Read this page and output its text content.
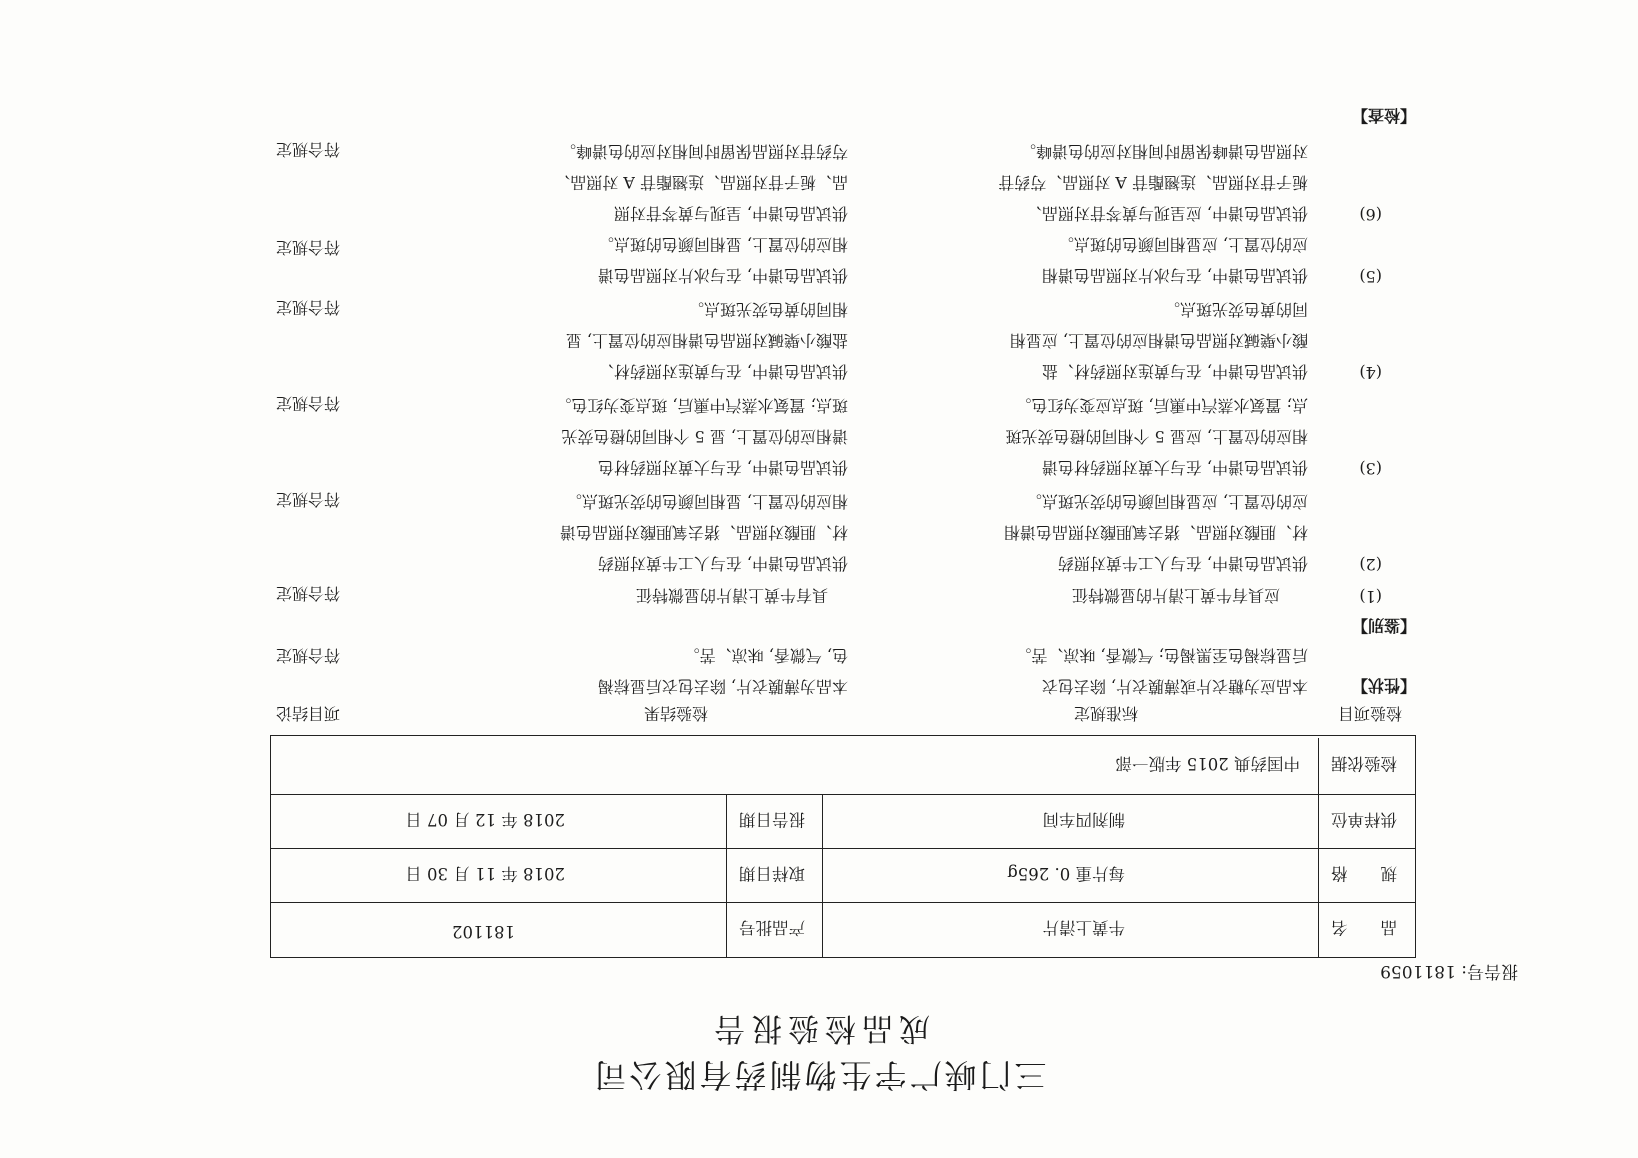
三门峡广宇生物制药有限公司
成品检验报告
报告号: 1811059
品　　名
牛黄上清片
产品批号
181102
规　　格
每片重 0. 265g
取样日期
2018 年 11 月 30 日
供样单位
制剂四车间
报告日期
2018 年 12 月 07 日
检验依据
中国药典 2015 年版一部
检验项目
标准规定
检验结果
项目结论
【性状】
本品应为糖衣片或薄膜衣片, 除去包衣
后显棕褐色至黑褐色; 气微香, 味凉、苦。
本品为薄膜衣片, 除去包衣后显棕褐
色, 气微香, 味凉、苦。
符合规定
【鉴别】
(1)
应具有牛黄上清片的显微特征
具有牛黄上清片的显微特征
符合规定
(2)
供试品色谱中, 在与人工牛黄对照药
材、胆酸对照品、猪去氧胆酸对照品色谱相
应的位置上, 应显相同颜色的荧光斑点。
供试品色谱中, 在与人工牛黄对照药
材、胆酸对照品、猪去氧胆酸对照品色谱
相应的位置上, 显相同颜色的荧光斑点。
符合规定
(3)
供试品色谱中, 在与大黄对照药材色谱
相应的位置上, 应显 5 个相同的橙色荧光斑
点; 置氨水蒸汽中熏后, 斑点应变为红色。
供试品色谱中, 在与大黄对照药材色
谱相应的位置上, 显 5 个相同的橙色荧光
斑点; 置氨水蒸汽中熏后, 斑点变为红色。
符合规定
(4)
供试品色谱中, 在与黄连对照药材、盐
酸小檗碱对照品色谱相应的位置上, 应显相
同的黄色荧光斑点。
供试品色谱中, 在与黄连对照药材、
盐酸小檗碱对照品色谱相应的位置上, 显
相同的黄色荧光斑点。
符合规定
(5)
供试品色谱中, 在与冰片对照品色谱相
应的位置上, 应显相同颜色的斑点。
供试品色谱中, 在与冰片对照品色谱
相应的位置上, 显相同颜色的斑点。
符合规定
(6)
供试品色谱中, 应呈现与黄芩苷对照品、
栀子苷对照品、连翘酯苷 A 对照品、芍药苷
对照品色谱峰保留时间相对应的色谱峰。
供试品色谱中, 呈现与黄芩苷对照
品、栀子苷对照品、连翘酯苷 A 对照品、
芍药苷对照品保留时间相对应的色谱峰。
符合规定
【检查】
